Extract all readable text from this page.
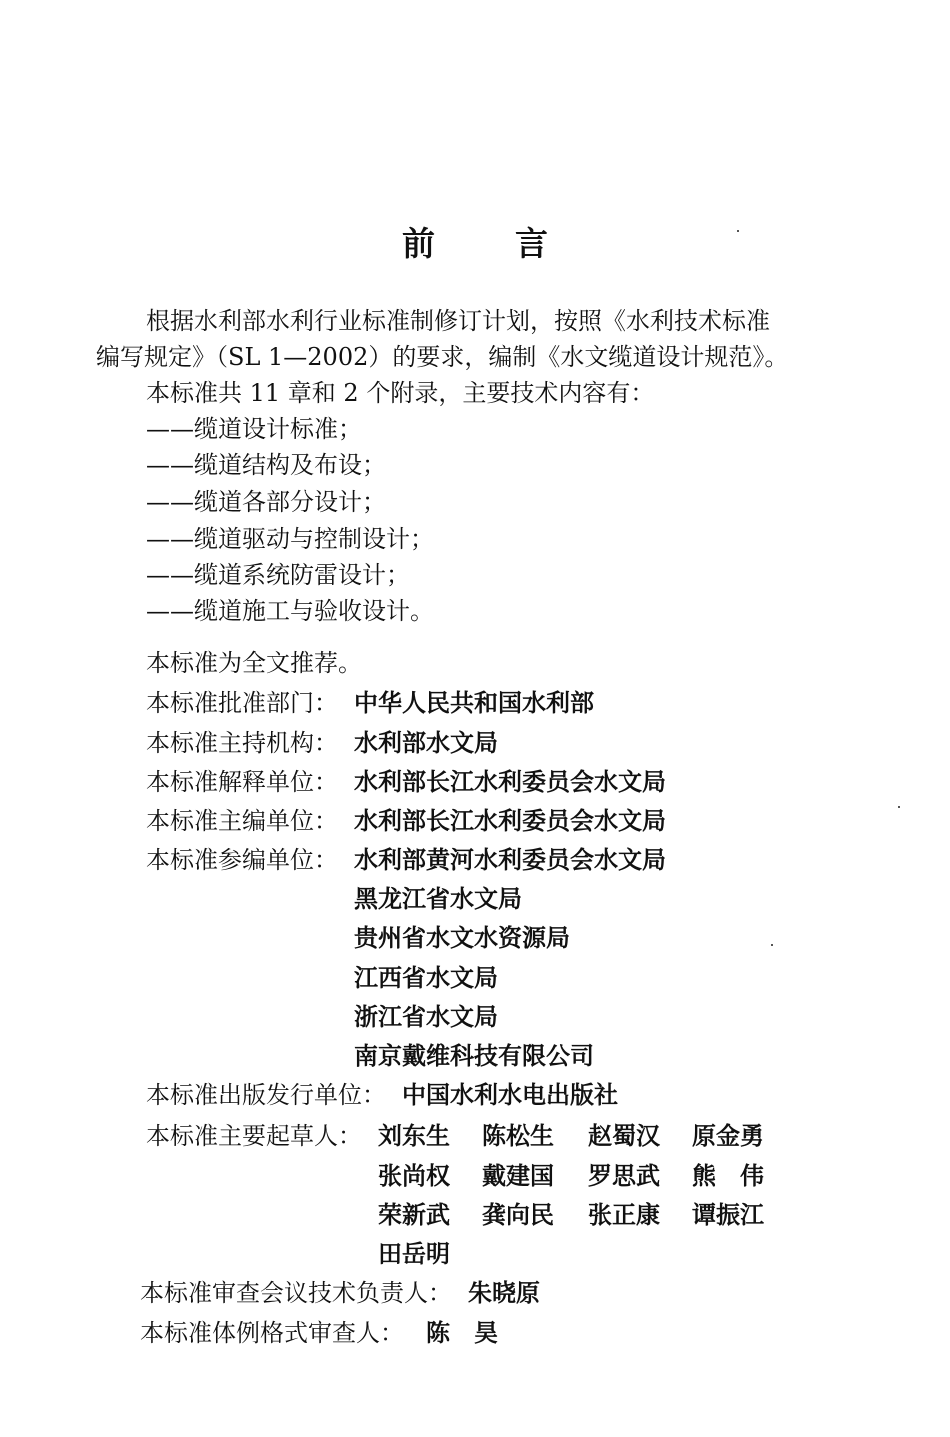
前言
根据水利部水利行业标准制修订计划，按照《水利技术标准
编写规定》（SL 1—2002）的要求，编制《水文缆道设计规范》。
本标准共 11 章和 2 个附录，主要技术内容有：
——缆道设计标准；
——缆道结构及布设；
——缆道各部分设计；
——缆道驱动与控制设计；
——缆道系统防雷设计；
——缆道施工与验收设计。
本标准为全文推荐。
本标准批准部门： 中华人民共和国水利部
本标准主持机构： 水利部水文局
本标准解释单位： 水利部长江水利委员会水文局
本标准主编单位： 水利部长江水利委员会水文局
本标准参编单位： 水利部黄河水利委员会水文局
黑龙江省水文局
贵州省水文水资源局
江西省水文局
浙江省水文局
南京戴维科技有限公司
本标准出版发行单位： 中国水利水电出版社
本标准主要起草人： 刘东生 陈松生 赵蜀汉 原金勇
张尚权 戴建国 罗思武 熊　伟
荣新武 龚向民 张正康 谭振江
田岳明
本标准审查会议技术负责人： 朱晓原
本标准体例格式审查人： 陈　昊
